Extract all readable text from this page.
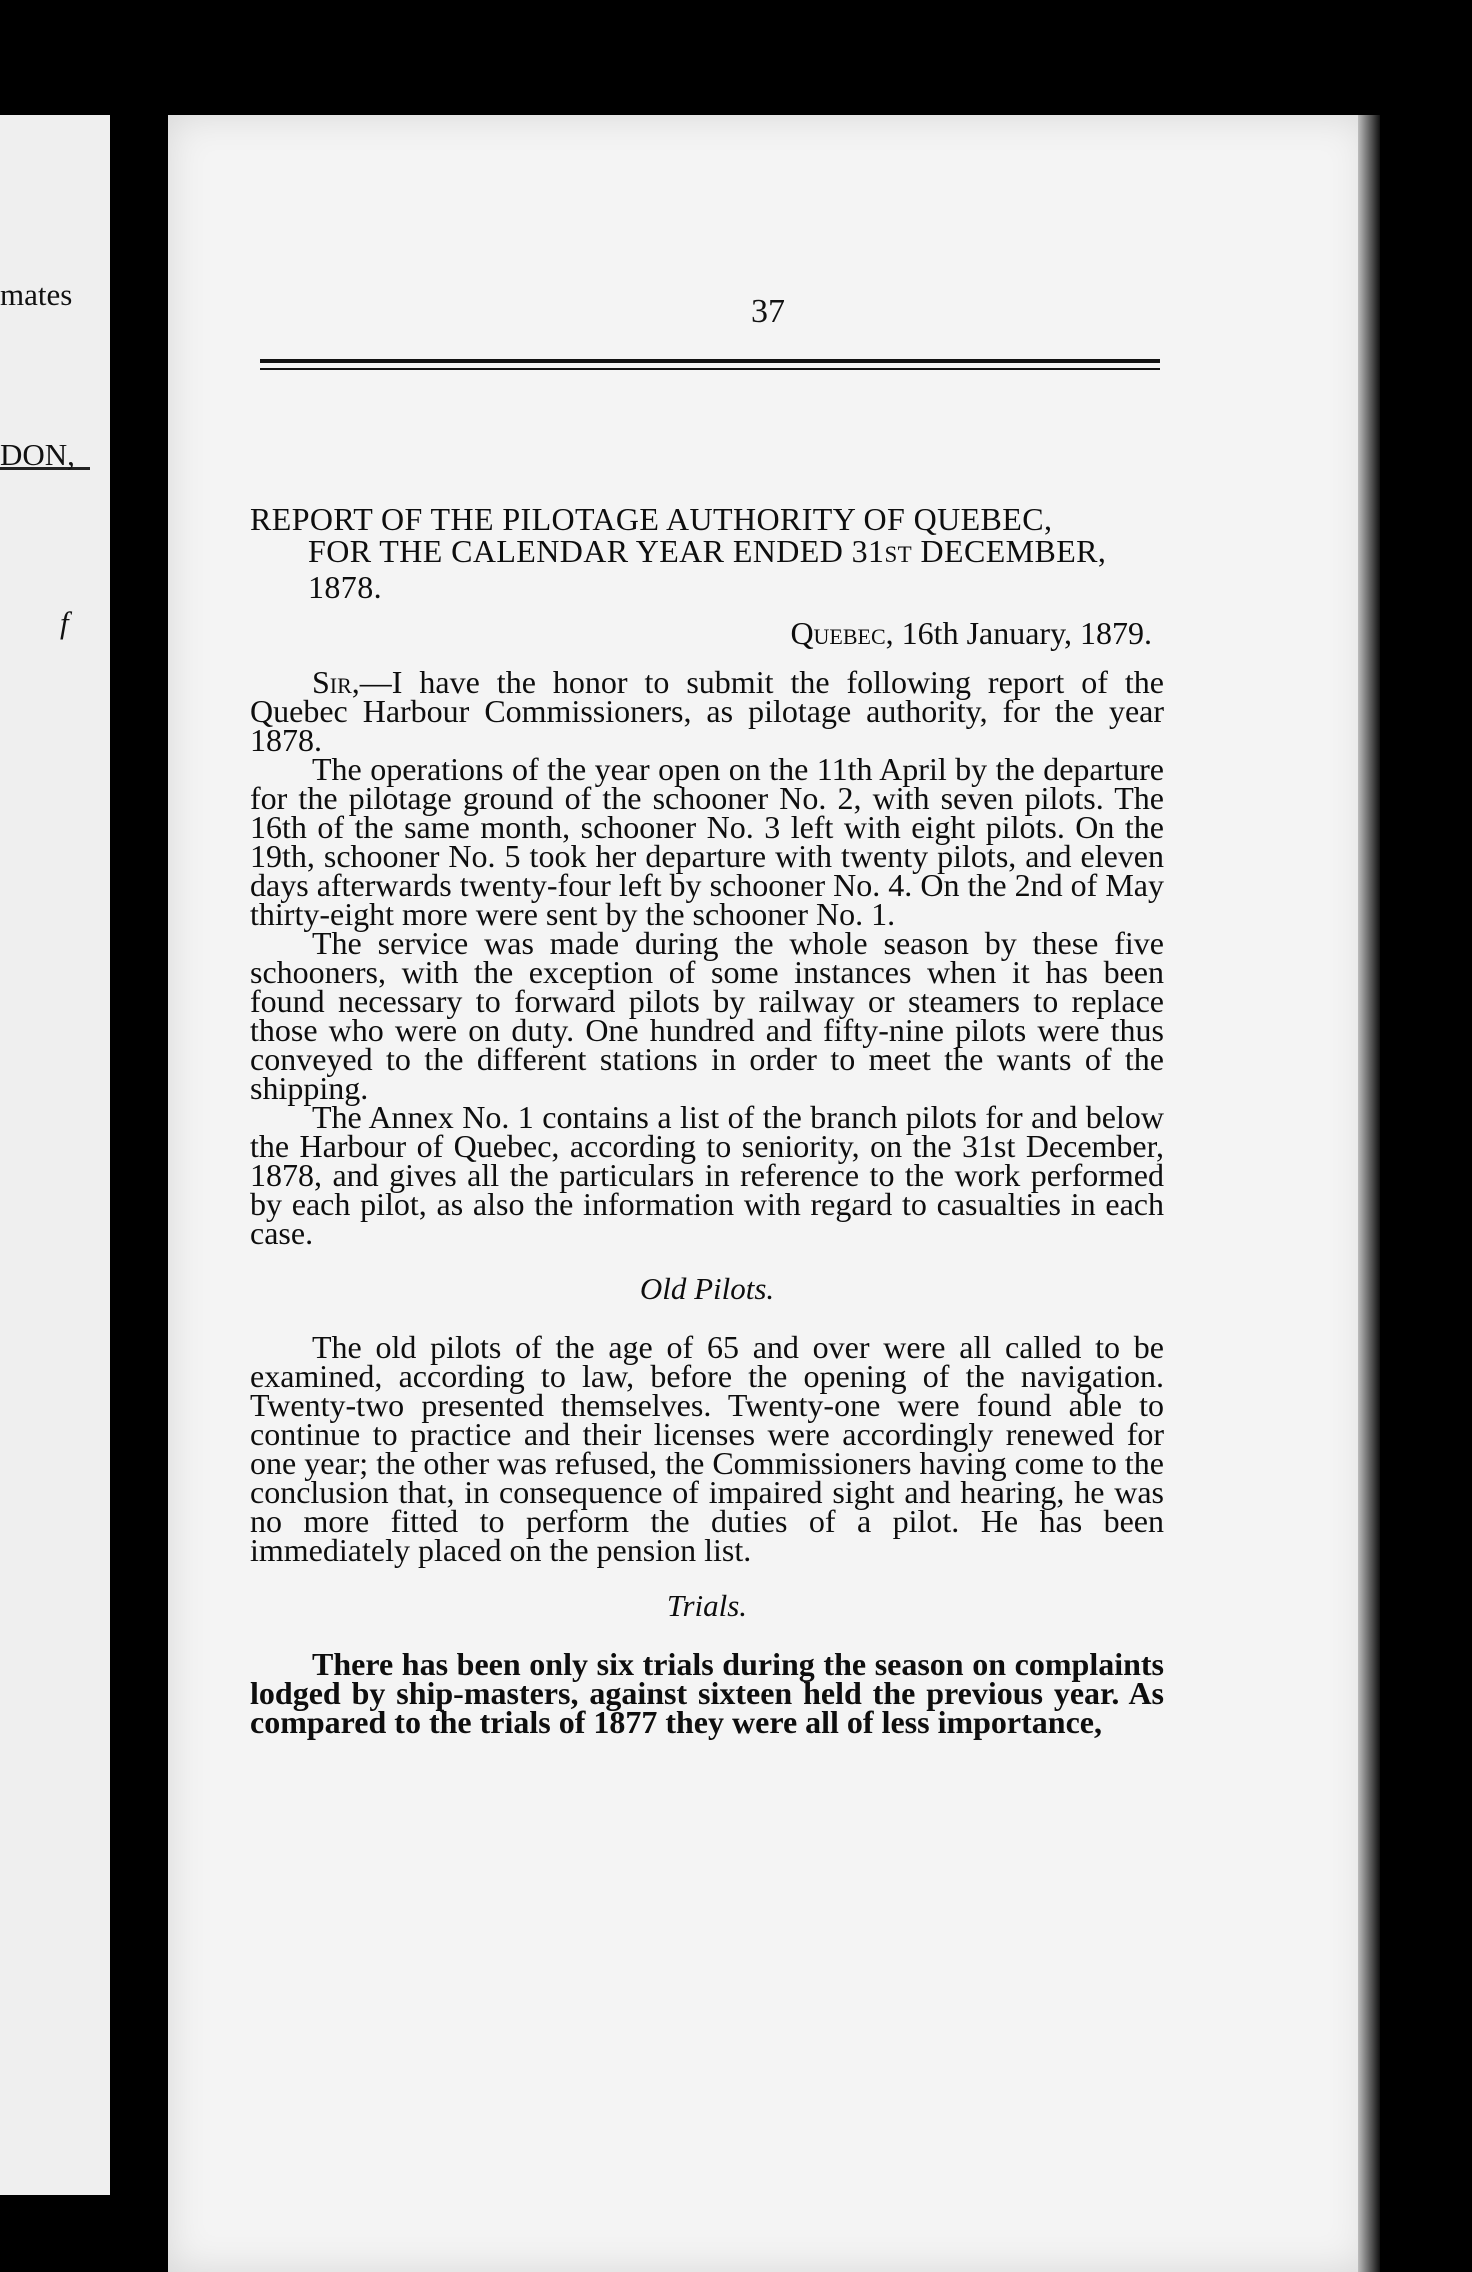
mates
DON,
f
37
REPORT OF THE PILOTAGE AUTHORITY OF QUEBEC,
FOR THE CALENDAR YEAR ENDED 31ST DECEMBER,
1878.
Quebec, 16th January, 1879.

Sir,—I have the honor to submit the following report of the Quebec Harbour Commissioners, as pilotage authority, for the year 1878.

The operations of the year open on the 11th April by the departure for the pilotage ground of the schooner No. 2, with seven pilots. The 16th of the same month, schooner No. 3 left with eight pilots. On the 19th, schooner No. 5 took her departure with twenty pilots, and eleven days afterwards twenty-four left by schooner No. 4. On the 2nd of May thirty-eight more were sent by the schooner No. 1.

The service was made during the whole season by these five schooners, with the exception of some instances when it has been found necessary to forward pilots by railway or steamers to replace those who were on duty. One hundred and fifty-nine pilots were thus conveyed to the different stations in order to meet the wants of the shipping.

The Annex No. 1 contains a list of the branch pilots for and below the Harbour of Quebec, according to seniority, on the 31st December, 1878, and gives all the particulars in reference to the work performed by each pilot, as also the information with regard to casualties in each case.

Old Pilots.

The old pilots of the age of 65 and over were all called to be examined, according to law, before the opening of the navigation. Twenty-two presented themselves. Twenty-one were found able to continue to practice and their licenses were accordingly renewed for one year; the other was refused, the Commissioners having come to the conclusion that, in consequence of impaired sight and hearing, he was no more fitted to perform the duties of a pilot. He has been immediately placed on the pension list.

Trials.

There has been only six trials during the season on complaints lodged by ship-masters, against sixteen held the previous year. As compared to the trials of 1877 they were all of less importance,
